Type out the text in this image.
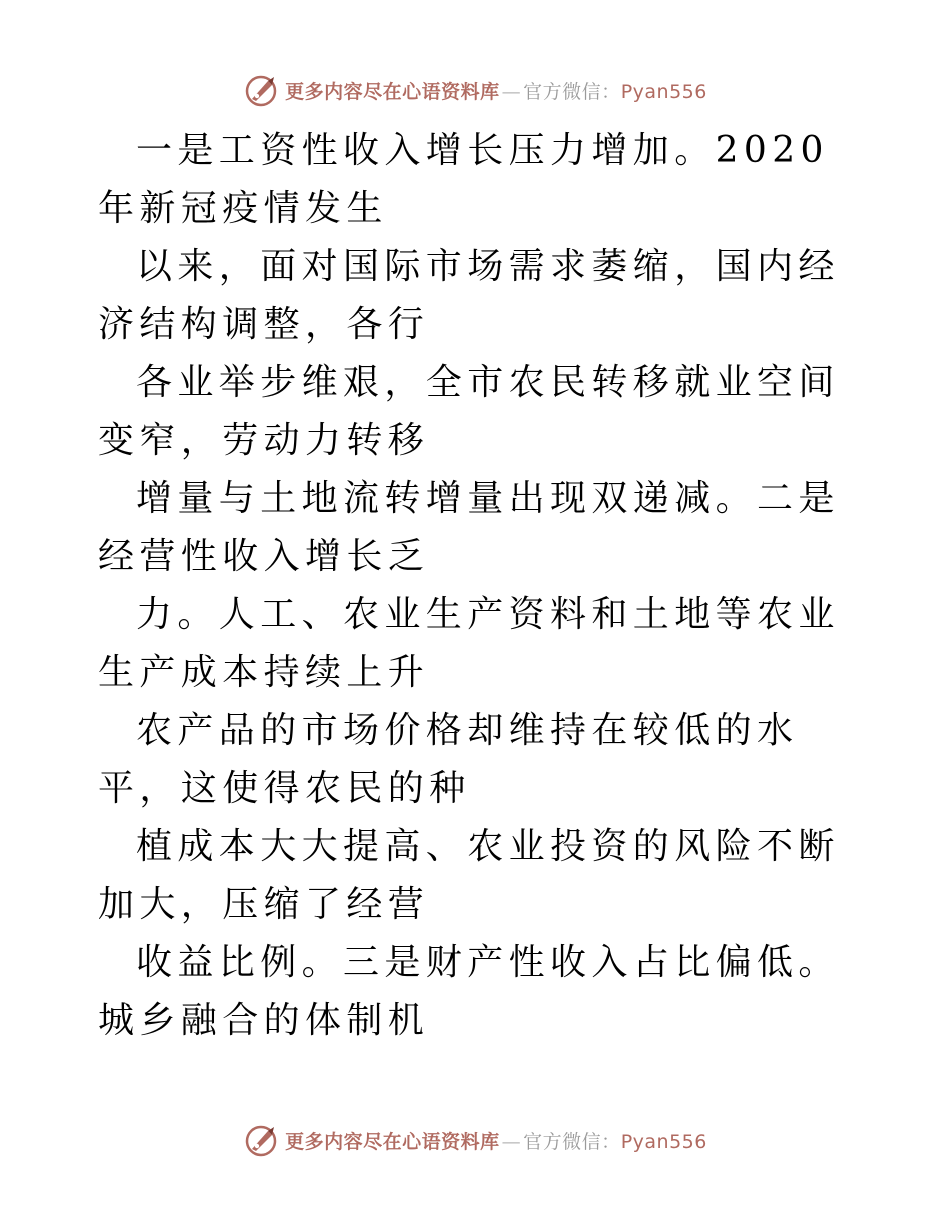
更多内容尽在心语资料库 — 官方微信：Pyan556

一是工资性收入增长压力增加。2020 年新冠疫情发生

以来，面对国际市场需求萎缩，国内经济结构调整，各行

各业举步维艰，全市农民转移就业空间变窄，劳动力转移

增量与土地流转增量出现双递减。二是经营性收入增长乏

力。人工、农业生产资料和土地等农业生产成本持续上升

农产品的市场价格却维持在较低的水平，这使得农民的种

植成本大大提高、农业投资的风险不断加大，压缩了经营

收益比例。三是财产性收入占比偏低。城乡融合的体制机

更多内容尽在心语资料库 — 官方微信：Pyan556
